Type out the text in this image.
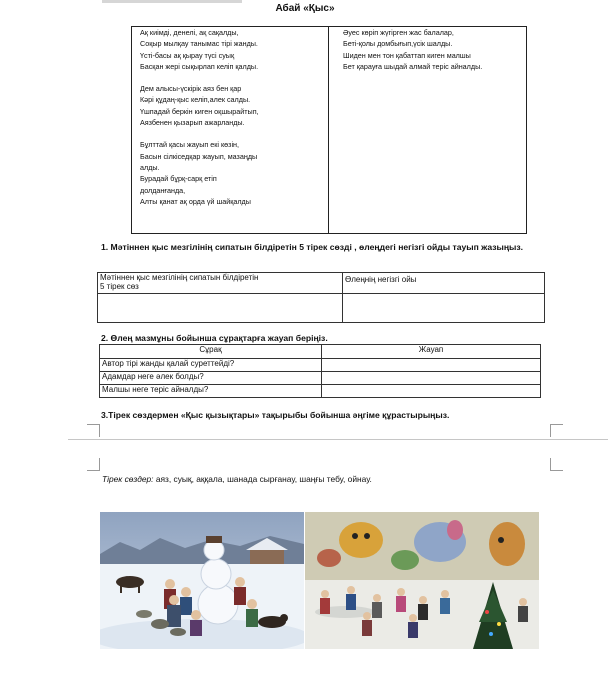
Абай «Қыс»
Ақ киімді, денелі, ақ сақалды,
Соқыр мылқау танымас тірі жанды.
Үсті-басы ақ қырау түсі суық
Басқан жері сықырлап келіп қалды.
Дем алысы-үскірік аяз бен қар
Кәрі құдаң-қыс келіп,алек салды.
Үшпадай беркін киген оқшырайтып,
Аязбенен қызарып ажарланды.
Бұлттай қасы жауып екі көзін,
Басын сілкіседқар жауып, мазаңды
алды.
Бурадай бұрқ-сарқ етіп
долданғанда,
Алты қанат ақ орда үй шайқалды
Әуес көріп жүгірген жас балалар,
Беті-қолы домбығып,үсік шалды.
Шиден мен тон қабаттап киген малшы
Бет қарауға шыдай алмай теріс айналды.
1. Мәтіннен қыс мезгілінің сипатын білдіретін 5 тірек сөзді , өлеңдегі негізгі ойды тауып жазыңыз.
Мәтіннен қыс мезгілінің сипатын білдіретін
5 тірек сөз	Өлеңнің негізгі ойы

2. Өлең мазмұны бойынша сұрақтарға жауап беріңіз.
Сұрақ	Жауап
Автор тірі жанды қалай суреттейді?	
Адамдар неге әлек болды?	
Малшы неге теріс айналды?	
3.Тірек сөздермен «Қыс қызықтары» тақырыбы бойынша әңгіме құрастырыңыз.
Тірек сөздер: аяз, суық, аққала, шанада сырғанау, шаңғы тебу, ойнау.
